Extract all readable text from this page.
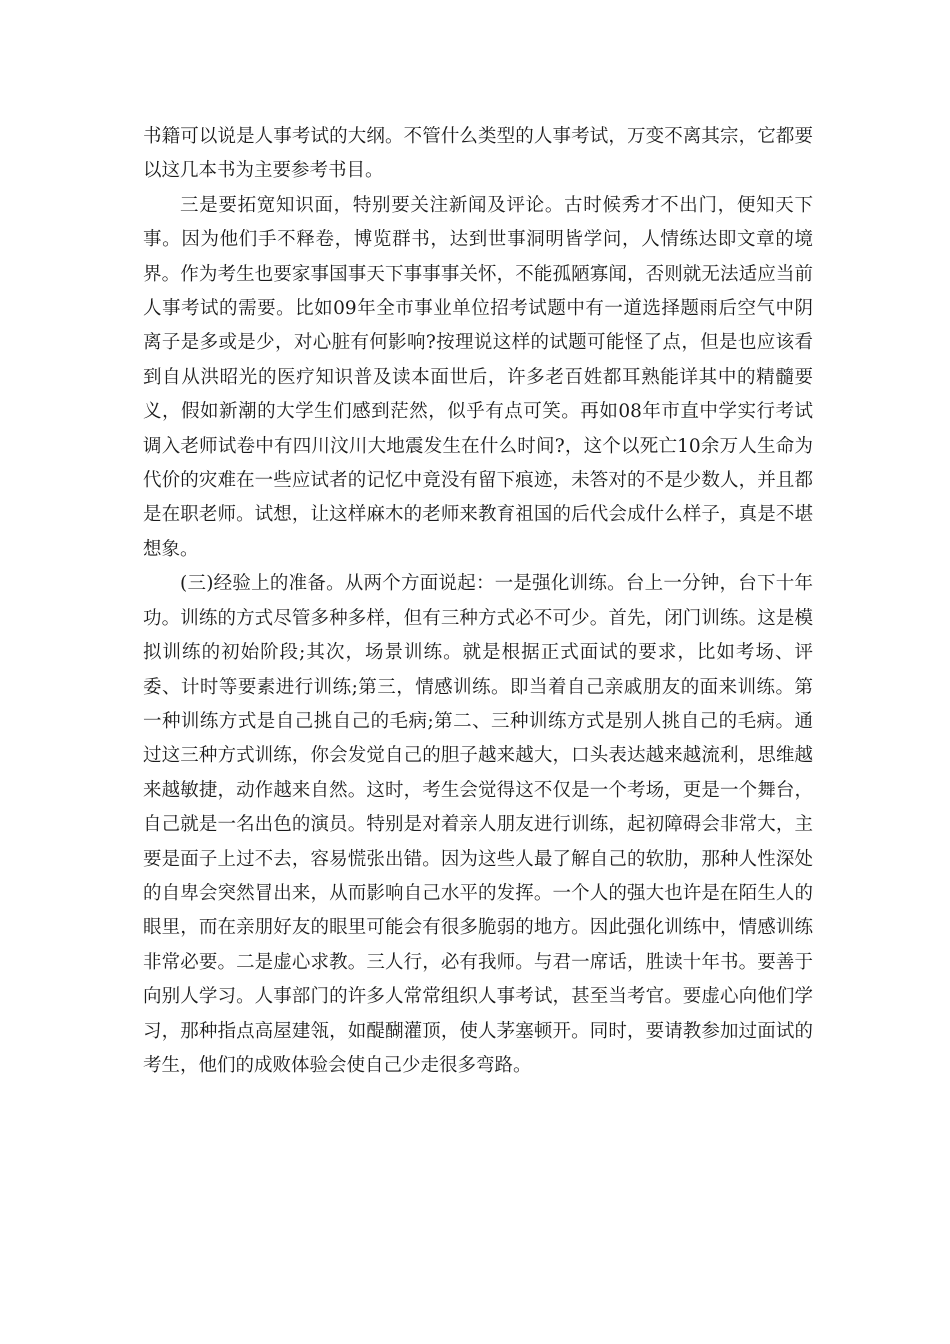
书籍可以说是人事考试的大纲。不管什么类型的人事考试，万变不离其宗，它都要以这几本书为主要参考书目。

三是要拓宽知识面，特别要关注新闻及评论。古时候秀才不出门，便知天下事。因为他们手不释卷，博览群书，达到世事洞明皆学问，人情练达即文章的境界。作为考生也要家事国事天下事事事关怀，不能孤陋寡闻，否则就无法适应当前人事考试的需要。比如09年全市事业单位招考试题中有一道选择题雨后空气中阴离子是多或是少，对心脏有何影响?按理说这样的试题可能怪了点，但是也应该看到自从洪昭光的医疗知识普及读本面世后，许多老百姓都耳熟能详其中的精髓要义，假如新潮的大学生们感到茫然，似乎有点可笑。再如08年市直中学实行考试调入老师试卷中有四川汶川大地震发生在什么时间?，这个以死亡10余万人生命为代价的灾难在一些应试者的记忆中竟没有留下痕迹，未答对的不是少数人，并且都是在职老师。试想，让这样麻木的老师来教育祖国的后代会成什么样子，真是不堪想象。

(三)经验上的准备。从两个方面说起：一是强化训练。台上一分钟，台下十年功。训练的方式尽管多种多样，但有三种方式必不可少。首先，闭门训练。这是模拟训练的初始阶段;其次，场景训练。就是根据正式面试的要求，比如考场、评委、计时等要素进行训练;第三，情感训练。即当着自己亲戚朋友的面来训练。第一种训练方式是自己挑自己的毛病;第二、三种训练方式是别人挑自己的毛病。通过这三种方式训练，你会发觉自己的胆子越来越大，口头表达越来越流利，思维越来越敏捷，动作越来自然。这时，考生会觉得这不仅是一个考场，更是一个舞台，自己就是一名出色的演员。特别是对着亲人朋友进行训练，起初障碍会非常大，主要是面子上过不去，容易慌张出错。因为这些人最了解自己的软肋，那种人性深处的自卑会突然冒出来，从而影响自己水平的发挥。一个人的强大也许是在陌生人的眼里，而在亲朋好友的眼里可能会有很多脆弱的地方。因此强化训练中，情感训练非常必要。二是虚心求教。三人行，必有我师。与君一席话，胜读十年书。要善于向别人学习。人事部门的许多人常常组织人事考试，甚至当考官。要虚心向他们学习，那种指点高屋建瓴，如醍醐灌顶，使人茅塞顿开。同时，要请教参加过面试的考生，他们的成败体验会使自己少走很多弯路。
